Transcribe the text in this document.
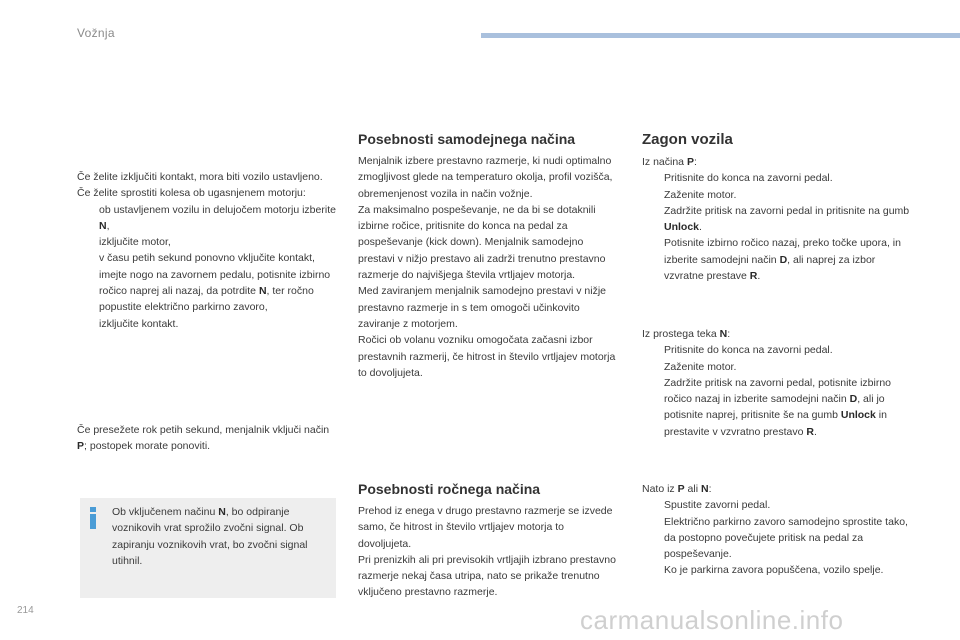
Vožnja

Če želite izključiti kontakt, mora biti vozilo ustavljeno.

Če želite sprostiti kolesa ob ugasnjenem motorju:

ob ustavljenem vozilu in delujočem motorju izberite N,
izključite motor,
v času petih sekund ponovno vključite kontakt,
imejte nogo na zavornem pedalu, potisnite izbirno ročico naprej ali nazaj, da potrdite N, ter ročno popustite električno parkirno zavoro,
izključite kontakt.

Če presežete rok petih sekund, menjalnik vključi način P; postopek morate ponoviti.

Ob vključenem načinu N, bo odpiranje voznikovih vrat sprožilo zvočni signal. Ob zapiranju voznikovih vrat, bo zvočni signal utihnil.
Posebnosti samodejnega načina

Menjalnik izbere prestavno razmerje, ki nudi optimalno zmogljivost glede na temperaturo okolja, profil vozišča, obremenjenost vozila in način vožnje.

Za maksimalno pospeševanje, ne da bi se dotaknili izbirne ročice, pritisnite do konca na pedal za pospeševanje (kick down). Menjalnik samodejno prestavi v nižjo prestavo ali zadrži trenutno prestavno razmerje do najvišjega števila vrtljajev motorja.

Med zaviranjem menjalnik samodejno prestavi v nižje prestavno razmerje in s tem omogoči učinkovito zaviranje z motorjem.

Ročici ob volanu vozniku omogočata začasni izbor prestavnih razmerij, če hitrost in število vrtljajev motorja to dovoljujeta.

Posebnosti ročnega načina

Prehod iz enega v drugo prestavno razmerje se izvede samo, če hitrost in število vrtljajev motorja to dovoljujeta.

Pri prenizkih ali pri previsokih vrtljajih izbrano prestavno razmerje nekaj časa utripa, nato se prikaže trenutno vključeno prestavno razmerje.

Zagon vozila

Iz načina P:

Pritisnite do konca na zavorni pedal.
Zaženite motor.
Zadržite pritisk na zavorni pedal in pritisnite na gumb Unlock.
Potisnite izbirno ročico nazaj, preko točke upora, in izberite samodejni način D, ali naprej za izbor vzvratne prestave R.

Iz prostega teka N:

Pritisnite do konca na zavorni pedal.
Zaženite motor.
Zadržite pritisk na zavorni pedal, potisnite izbirno ročico nazaj in izberite samodejni način D, ali jo potisnite naprej, pritisnite še na gumb Unlock in prestavite v vzvratno prestavo R.

Nato iz P ali N:

Spustite zavorni pedal.
Električno parkirno zavoro samodejno sprostite tako, da postopno povečujete pritisk na pedal za pospeševanje.
Ko je parkirna zavora popuščena, vozilo spelje.
214	carmanualsonline.info
